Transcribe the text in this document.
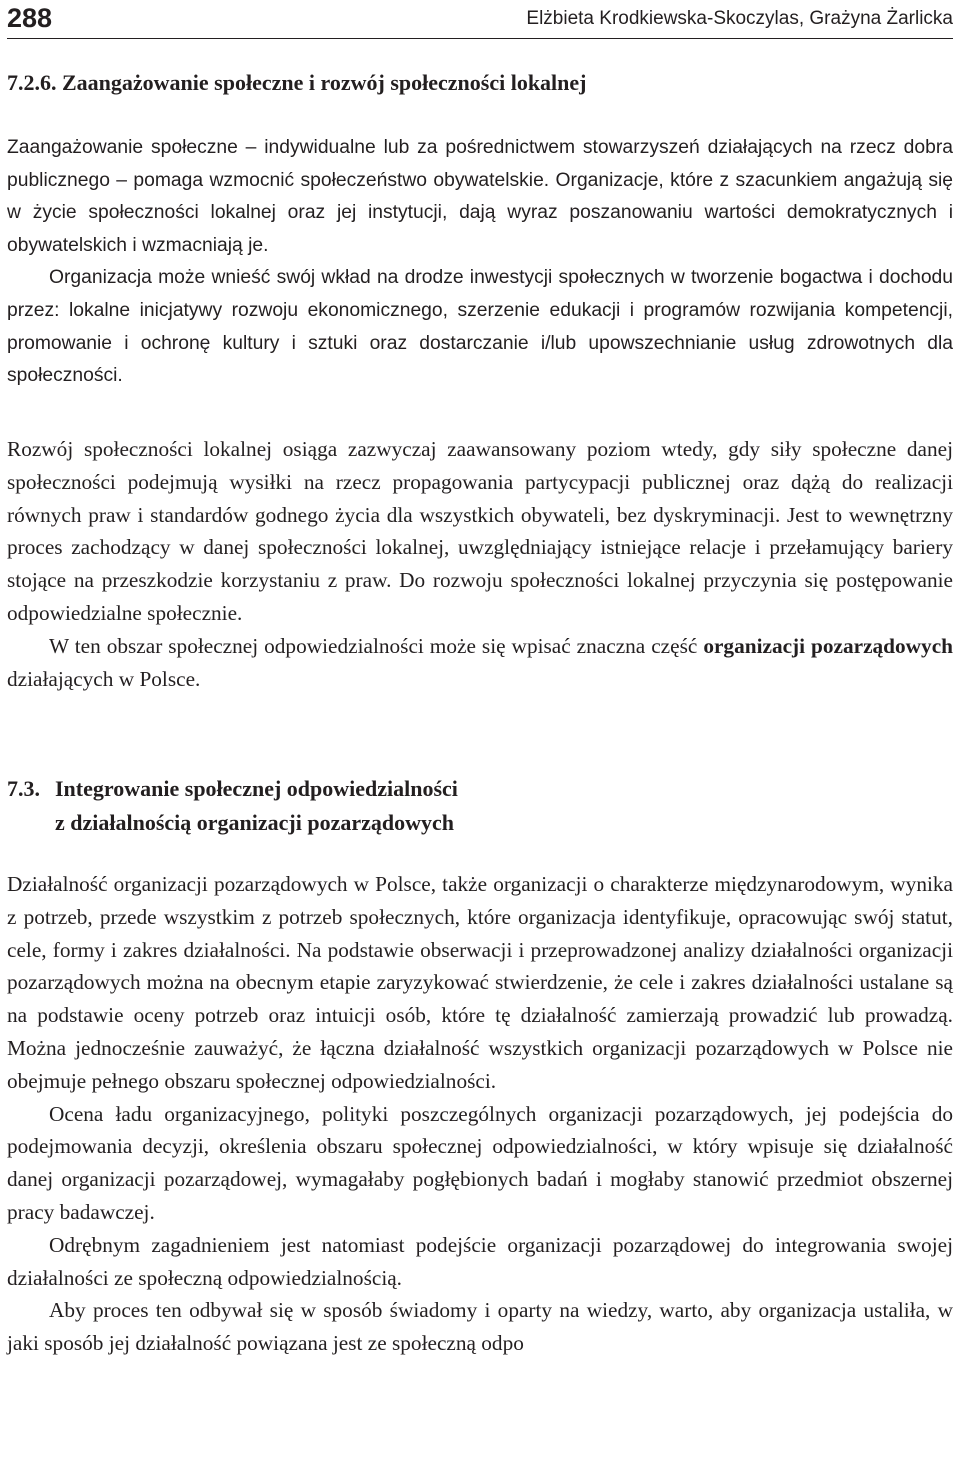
288	Elżbieta Krodkiewska-Skoczylas, Grażyna Żarlicka
7.2.6. Zaangażowanie społeczne i rozwój społeczności lokalnej

Zaangażowanie społeczne – indywidualne lub za pośrednictwem stowarzyszeń działających na rzecz dobra publicznego – pomaga wzmocnić społeczeństwo obywatelskie. Organizacje, które z szacunkiem angażują się w życie społeczności lokalnej oraz jej instytucji, dają wyraz poszanowaniu wartości demokratycznych i obywatelskich i wzmacniają je.

Organizacja może wnieść swój wkład na drodze inwestycji społecznych w tworzenie bogactwa i dochodu przez: lokalne inicjatywy rozwoju ekonomicznego, szerzenie edukacji i programów rozwijania kompetencji, promowanie i ochronę kultury i sztuki oraz dostarczanie i/lub upowszechnianie usług zdrowotnych dla społeczności.

Rozwój społeczności lokalnej osiąga zazwyczaj zaawansowany poziom wtedy, gdy siły społeczne danej społeczności podejmują wysiłki na rzecz propagowania partycypacji publicznej oraz dążą do realizacji równych praw i standardów godnego życia dla wszystkich obywateli, bez dyskryminacji. Jest to wewnętrzny proces zachodzący w danej społeczności lokalnej, uwzględniający istniejące relacje i przełamujący bariery stojące na przeszkodzie korzystaniu z praw. Do rozwoju społeczności lokalnej przyczynia się postępowanie odpowiedzialne społecznie.

W ten obszar społecznej odpowiedzialności może się wpisać znaczna część organizacji pozarządowych działających w Polsce.

7.3. Integrowanie społecznej odpowiedzialności
z działalnością organizacji pozarządowych

Działalność organizacji pozarządowych w Polsce, także organizacji o charakterze międzynarodowym, wynika z potrzeb, przede wszystkim z potrzeb społecznych, które organizacja identyfikuje, opracowując swój statut, cele, formy i zakres działalności. Na podstawie obserwacji i przeprowadzonej analizy działalności organizacji pozarządowych można na obecnym etapie zaryzykować stwierdzenie, że cele i zakres działalności ustalane są na podstawie oceny potrzeb oraz intuicji osób, które tę działalność zamierzają prowadzić lub prowadzą. Można jednocześnie zauważyć, że łączna działalność wszystkich organizacji pozarządowych w Polsce nie obejmuje pełnego obszaru społecznej odpowiedzialności.

Ocena ładu organizacyjnego, polityki poszczególnych organizacji pozarządowych, jej podejścia do podejmowania decyzji, określenia obszaru społecznej odpowiedzialności, w który wpisuje się działalność danej organizacji pozarządowej, wymagałaby pogłębionych badań i mogłaby stanowić przedmiot obszernej pracy badawczej.

Odrębnym zagadnieniem jest natomiast podejście organizacji pozarządowej do integrowania swojej działalności ze społeczną odpowiedzialnością.

Aby proces ten odbywał się w sposób świadomy i oparty na wiedzy, warto, aby organizacja ustaliła, w jaki sposób jej działalność powiązana jest ze społeczną odpo
